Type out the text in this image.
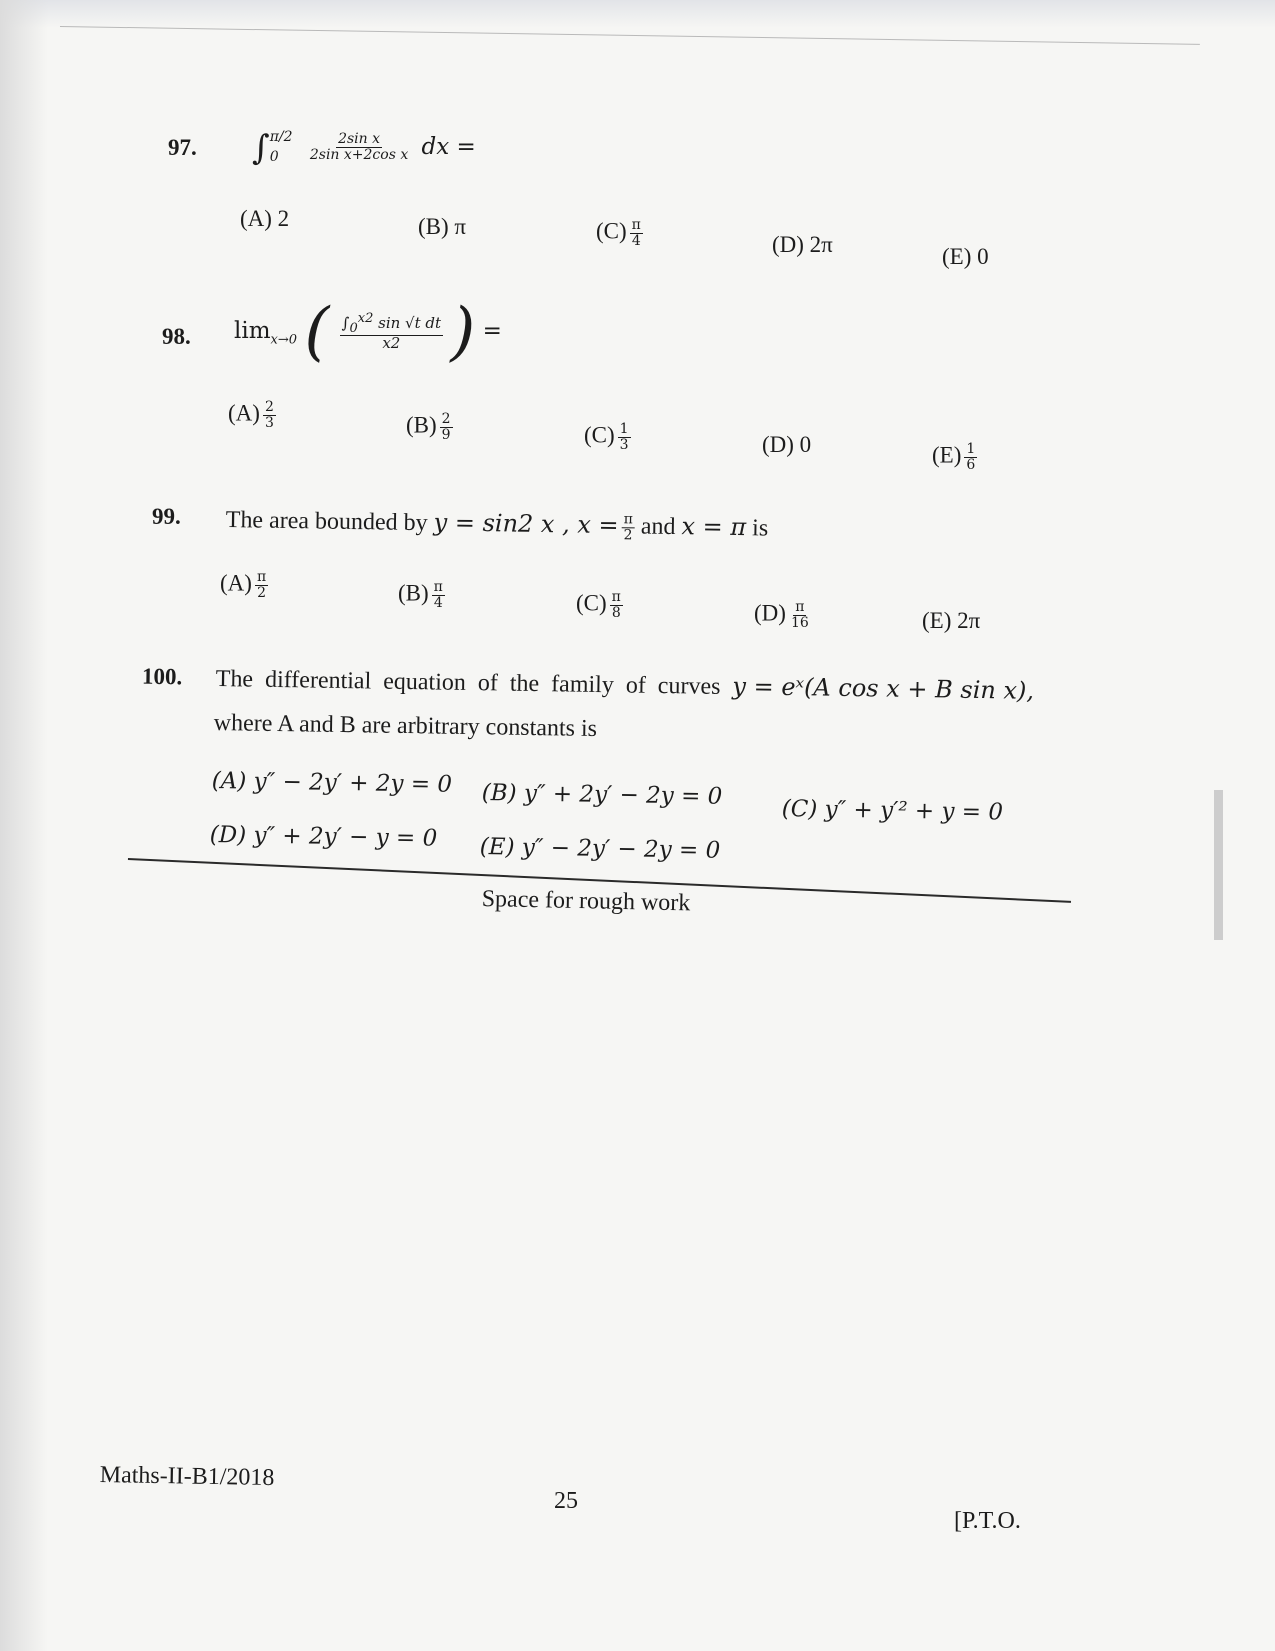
97. ∫ π/2
0
	$\frac{\text{2sin x}}{\text{2sin x+2cos x}}$ dx =
(A) 2	(B) π	$(C) \frac{\pi}{4}$	(D) 2π	(E) 0
98. $\lim_{x\to 0}$ ( $\frac{\int_0^{x2} \sin √t dt}{x2}$ ) =
$(A) \frac{2}{3}$	$(B) \frac{2}{9}$	$(C) \frac{1}{3}$	(D) 0	$(E) \frac{1}{6}$
99. The area bounded by y = sin2 x , $x = \frac{\pi}{2}$ and x = π is
$(A) \frac{\pi}{2}$	$(B) \frac{\pi}{4}$	$(C) \frac{\pi}{8}$	$(D) \frac{\pi}{16}$	(E) 2π
100. The differential equation of the family of curves y = eˣ(A cos x + B sin x),
where A and B are arbitrary constants is
(A) y″ − 2y′ + 2y = 0 (B) y″ + 2y′ − 2y = 0
(C) y″ + y′² + y = 0
(D) y″ + 2y′ − y = 0 (E) y″ − 2y′ − 2y = 0
Space for rough work
Maths-II-B1/2018
25
[P.T.O.
